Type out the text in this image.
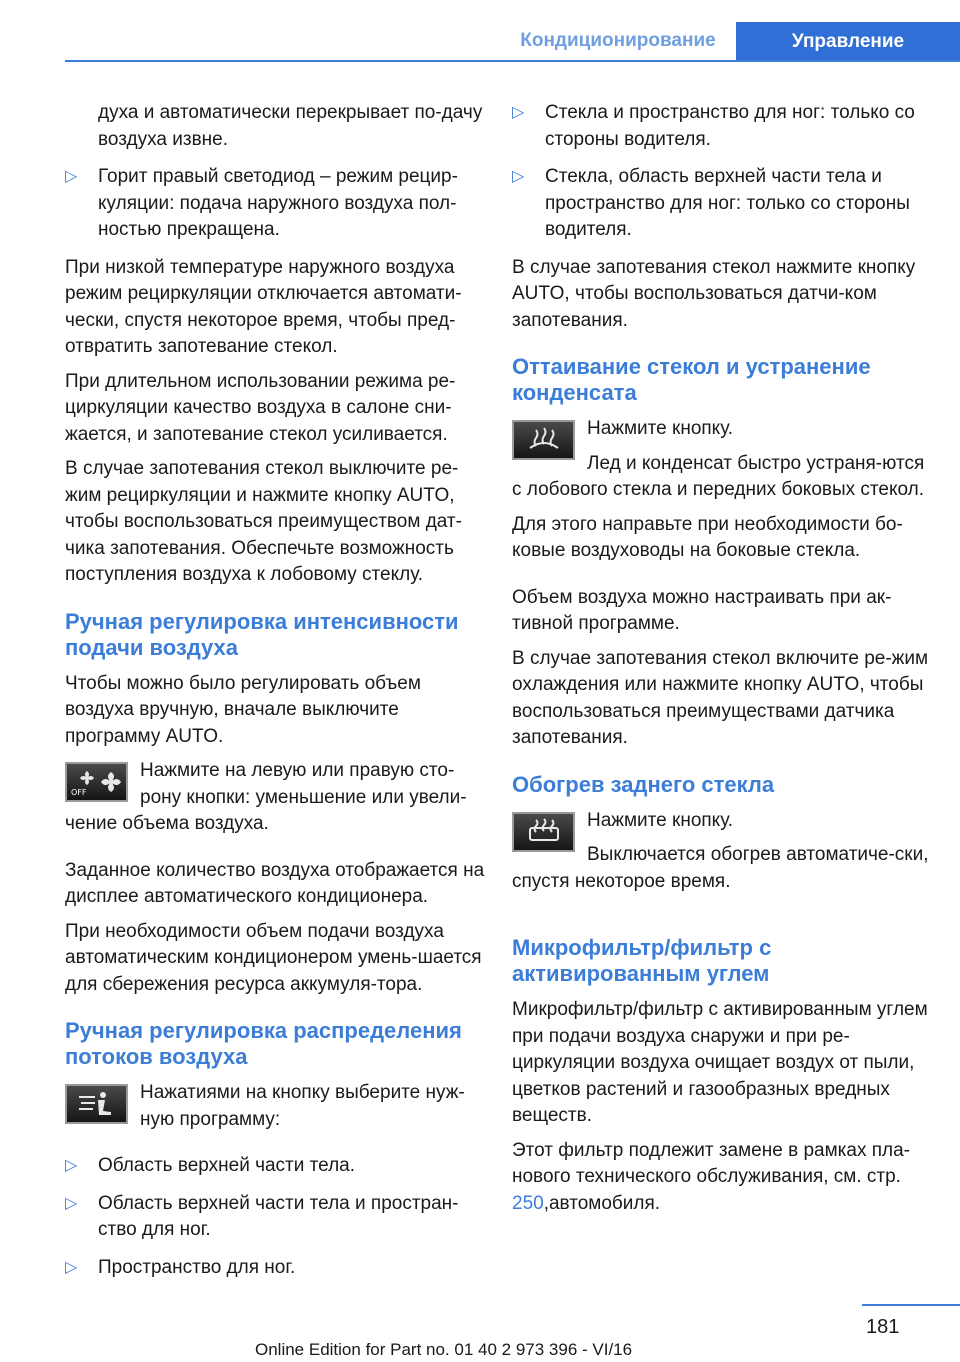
Кондиционирование	Управление

духа и автоматически перекрывает по-дачу воздуха извне.

▷ Горит правый светодиод – режим рецир-куляции: подача наружного воздуха пол-ностью прекращена.

При низкой температуре наружного воздуха режим рециркуляции отключается автомати-чески, спустя некоторое время, чтобы пред-отвратить запотевание стекол.

При длительном использовании режима ре-циркуляции качество воздуха в салоне сни-жается, и запотевание стекол усиливается.

В случае запотевания стекол выключите ре-жим рециркуляции и нажмите кнопку AUTO, чтобы воспользоваться преимуществом дат-чика запотевания. Обеспечьте возможность поступления воздуха к лобовому стеклу.

Ручная регулировка интенсивности подачи воздуха

Чтобы можно было регулировать объем воздуха вручную, вначале выключите программу AUTO.

OFF
Нажмите на левую или правую сто-рону кнопки: уменьшение или увели-чение объема воздуха.

Заданное количество воздуха отображается на дисплее автоматического кондиционера.

При необходимости объем подачи воздуха автоматическим кондиционером умень-шается для сбережения ресурса аккумуля-тора.

Ручная регулировка распределения потоков воздуха
Нажатиями на кнопку выберите нуж-ную программу:
▷ Область верхней части тела.
▷ Область верхней части тела и простран-ство для ног.
▷ Пространство для ног.
▷ Стекла и пространство для ног: только со стороны водителя.
▷ Стекла, область верхней части тела и пространство для ног: только со стороны водителя.

В случае запотевания стекол нажмите кнопку AUTO, чтобы воспользоваться датчи-ком запотевания.

Оттаивание стекол и устранение конденсата

Нажмите кнопку.

Лед и конденсат быстро устраня-ются с лобового стекла и передних боковых стекол.

Для этого направьте при необходимости бо-ковые воздуховоды на боковые стекла.

Объем воздуха можно настраивать при ак-тивной программе.

В случае запотевания стекол включите ре-жим охлаждения или нажмите кнопку AUTO, чтобы воспользоваться преимуществами датчика запотевания.

Обогрев заднего стекла

Нажмите кнопку.

Выключается обогрев автоматиче-ски, спустя некоторое время.
Микрофильтр/фильтр с активированным углем

Микрофильтр/фильтр с активированным углем при подачи воздуха снаружи и при ре-циркуляции воздуха очищает воздух от пыли, цветков растений и газообразных вредных веществ.

Этот фильтр подлежит замене в рамках пла-нового технического обслуживания, см. стр. 250,автомобиля.

181
Online Edition for Part no. 01 40 2 973 396 - VI/16
